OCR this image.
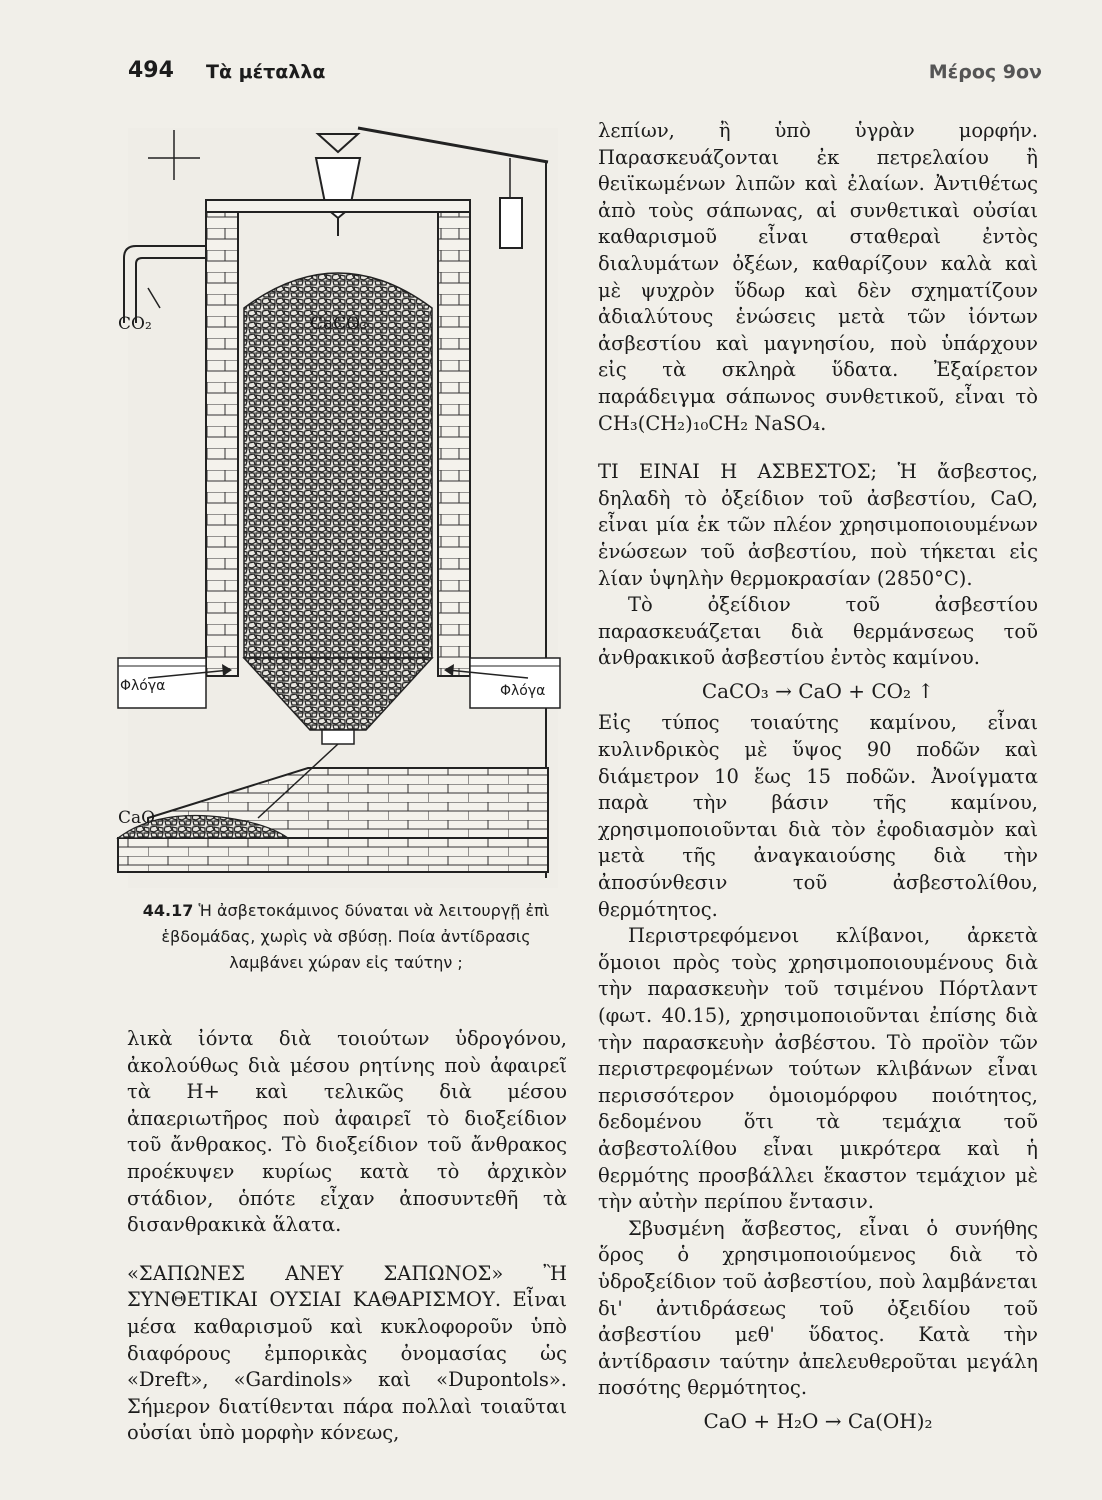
494 Τὰ μέταλλα	Μέρος 9ον
CO₂	CaCO₃
Φλόγα	Φλόγα
CaO
44.17 Ἡ ἀσβετοκάμινος δύναται νὰ λειτουργῇ ἐπὶ ἑβδομάδας, χωρὶς νὰ σβύσῃ. Ποία ἀντίδρασις λαμβάνει χώραν εἰς ταύτην ;

λικὰ ἰόντα διὰ τοιούτων ὑδρογόνου, ἀκολούθως διὰ μέσου ρητίνης ποὺ ἀφαιρεῖ τὰ H+ καὶ τελικῶς διὰ μέσου ἀπαεριωτῆρος ποὺ ἀφαιρεῖ τὸ διοξείδιον τοῦ ἄνθρακος. Τὸ διοξείδιον τοῦ ἄνθρακος προέκυψεν κυρίως κατὰ τὸ ἀρχικὸν στάδιον, ὁπότε εἶχαν ἀποσυντεθῆ τὰ δισανθρακικὰ ἅλατα.

«ΣΑΠΩΝΕΣ ΑΝΕΥ ΣΑΠΩΝΟΣ» Ἢ ΣΥΝΘΕΤΙΚΑΙ ΟΥΣΙΑΙ ΚΑΘΑΡΙΣΜΟΥ. Εἶναι μέσα καθαρισμοῦ καὶ κυκλοφοροῦν ὑπὸ διαφόρους ἐμπορικὰς ὀνομασίας ὡς «Dreft», «Gardinols» καὶ «Dupontols». Σήμερον διατίθενται πάρα πολλαὶ τοιαῦται οὐσίαι ὑπὸ μορφὴν κόνεως,

λεπίων, ἢ ὑπὸ ὑγρὰν μορφήν. Παρασκευάζονται ἐκ πετρελαίου ἢ θειϊκωμένων λιπῶν καὶ ἐλαίων. Ἀντιθέτως ἀπὸ τοὺς σάπωνας, αἱ συνθετικαὶ οὐσίαι καθαρισμοῦ εἶναι σταθεραὶ ἐντὸς διαλυμάτων ὀξέων, καθαρίζουν καλὰ καὶ μὲ ψυχρὸν ὕδωρ καὶ δὲν σχηματίζουν ἀδιαλύτους ἑνώσεις μετὰ τῶν ἰόντων ἀσβεστίου καὶ μαγνησίου, ποὺ ὑπάρχουν εἰς τὰ σκληρὰ ὕδατα. Ἐξαίρετον παράδειγμα σάπωνος συνθετικοῦ, εἶναι τὸ CH₃(CH₂)₁₀CH₂ NaSO₄.

ΤΙ ΕΙΝΑΙ Η ΑΣΒΕΣΤΟΣ; Ἡ ἄσβεστος, δηλαδὴ τὸ ὀξείδιον τοῦ ἀσβεστίου, CaO, εἶναι μία ἐκ τῶν πλέον χρησιμοποιουμένων ἑνώσεων τοῦ ἀσβεστίου, ποὺ τήκεται εἰς λίαν ὑψηλὴν θερμοκρασίαν (2850°C).

Τὸ ὀξείδιον τοῦ ἀσβεστίου παρασκευάζεται διὰ θερμάνσεως τοῦ ἀνθρακικοῦ ἀσβεστίου ἐντὸς καμίνου.

CaCO₃ → CaO + CO₂ ↑

Εἰς τύπος τοιαύτης καμίνου, εἶναι κυλινδρικὸς μὲ ὕψος 90 ποδῶν καὶ διάμετρον 10 ἕως 15 ποδῶν. Ἀνοίγματα παρὰ τὴν βάσιν τῆς καμίνου, χρησιμοποιοῦνται διὰ τὸν ἐφοδιασμὸν καὶ μετὰ τῆς ἀναγκαιούσης διὰ τὴν ἀποσύνθεσιν τοῦ ἀσβεστολίθου, θερμότητος.

Περιστρεφόμενοι κλίβανοι, ἀρκετὰ ὅμοιοι πρὸς τοὺς χρησιμοποιουμένους διὰ τὴν παρασκευὴν τοῦ τσιμένου Πόρτλαντ (φωτ. 40.15), χρησιμοποιοῦνται ἐπίσης διὰ τὴν παρασκευὴν ἀσβέστου. Τὸ προϊὸν τῶν περιστρεφομένων τούτων κλιβάνων εἶναι περισσότερον ὁμοιομόρφου ποιότητος, δεδομένου ὅτι τὰ τεμάχια τοῦ ἀσβεστολίθου εἶναι μικρότερα καὶ ἡ θερμότης προσβάλλει ἕκαστον τεμάχιον μὲ τὴν αὐτὴν περίπου ἔντασιν.

Σβυσμένη ἄσβεστος, εἶναι ὁ συνήθης ὅρος ὁ χρησιμοποιούμενος διὰ τὸ ὑδροξείδιον τοῦ ἀσβεστίου, ποὺ λαμβάνεται δι' ἀντιδράσεως τοῦ ὀξειδίου τοῦ ἀσβεστίου μεθ' ὕδατος. Κατὰ τὴν ἀντίδρασιν ταύτην ἀπελευθεροῦται μεγάλη ποσότης θερμότητος.

CaO + H₂O → Ca(OH)₂
